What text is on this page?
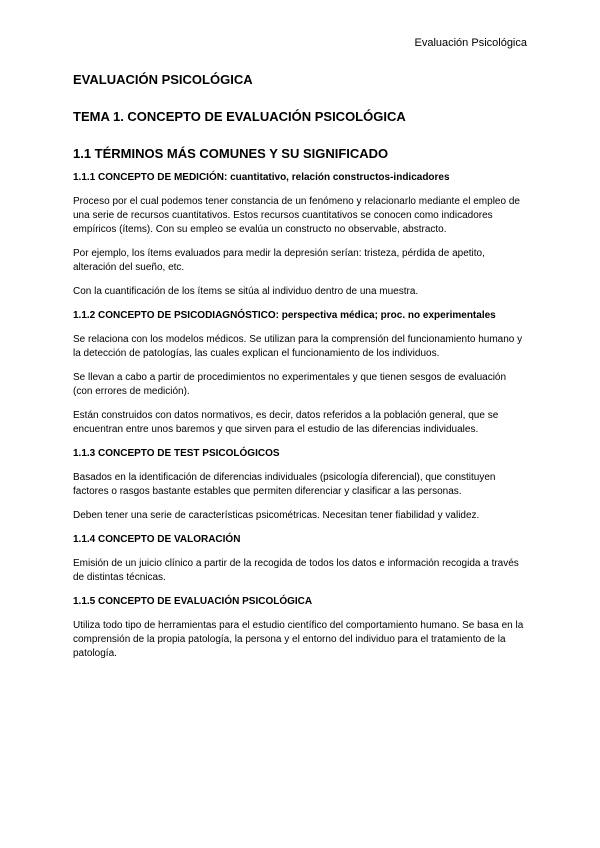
Evaluación Psicológica
EVALUACIÓN PSICOLÓGICA
TEMA 1. CONCEPTO DE EVALUACIÓN PSICOLÓGICA
1.1 TÉRMINOS MÁS COMUNES Y SU SIGNIFICADO
1.1.1 CONCEPTO DE MEDICIÓN: cuantitativo, relación constructos-indicadores

Proceso por el cual podemos tener constancia de un fenómeno y relacionarlo mediante el empleo de una serie de recursos cuantitativos. Estos recursos cuantitativos se conocen como indicadores empíricos (ítems). Con su empleo se evalúa un constructo no observable, abstracto.

Por ejemplo, los ítems evaluados para medir la depresión serían: tristeza, pérdida de apetito, alteración del sueño, etc.

Con la cuantificación de los ítems se sitúa al individuo dentro de una muestra.

1.1.2 CONCEPTO DE PSICODIAGNÓSTICO: perspectiva médica; proc. no experimentales

Se relaciona con los modelos médicos. Se utilizan para la comprensión del funcionamiento humano y la detección de patologías, las cuales explican el funcionamiento de los individuos.

Se llevan a cabo a partir de procedimientos no experimentales y que tienen sesgos de evaluación (con errores de medición).

Están construidos con datos normativos, es decir, datos referidos a la población general, que se encuentran entre unos baremos y que sirven para el estudio de las diferencias individuales.

1.1.3 CONCEPTO DE TEST PSICOLÓGICOS

Basados en la identificación de diferencias individuales (psicología diferencial), que constituyen factores o rasgos bastante estables que permiten diferenciar y clasificar a las personas.

Deben tener una serie de características psicométricas. Necesitan tener fiabilidad y validez.

1.1.4 CONCEPTO DE VALORACIÓN

Emisión de un juicio clínico a partir de la recogida de todos los datos e información recogida a través de distintas técnicas.

1.1.5 CONCEPTO DE EVALUACIÓN PSICOLÓGICA

Utiliza todo tipo de herramientas para el estudio científico del comportamiento humano. Se basa en la comprensión de la propia patología, la persona y el entorno del individuo para el tratamiento de la patología.
